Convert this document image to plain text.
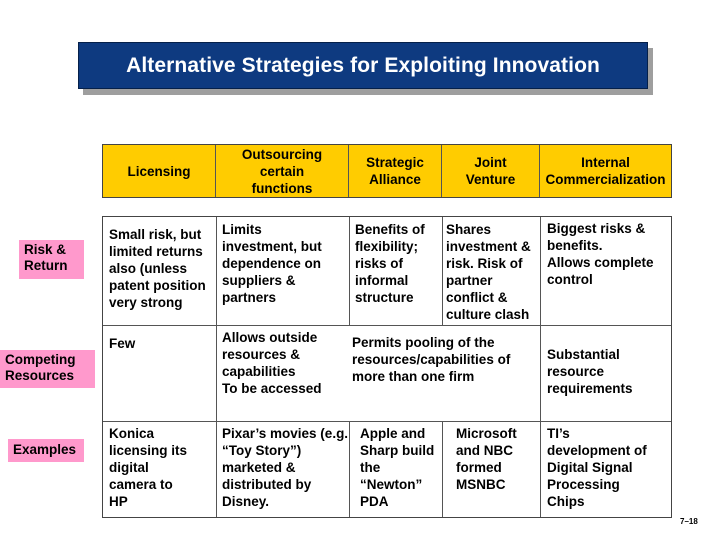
Alternative Strategies for Exploiting Innovation
Licensing
Outsourcing
certain
functions
Strategic
Alliance
Joint
Venture
Internal
Commercialization
Risk &
Return
Competing
Resources
Examples
Small risk, but
limited returns
also (unless
patent position
very strong
Limits
investment, but
dependence on
suppliers &
partners
Benefits of
flexibility;
risks of
informal
structure
Shares
investment &
risk. Risk of
partner
conflict &
culture clash
Biggest risks &
benefits.
Allows complete
control
Few	Allows outside
resources &
capabilities
To be accessed
Permits pooling of the
resources/capabilities of
more than one firm
Substantial
resource
requirements
Konica
licensing its
digital
camera to
HP
Pixar’s movies (e.g.
“Toy Story”)
marketed &
distributed by
Disney.
Apple and
Sharp build
the
“Newton”
PDA
Microsoft
and NBC
formed
MSNBC
TI’s
development of
Digital Signal
Processing
Chips
7–18
